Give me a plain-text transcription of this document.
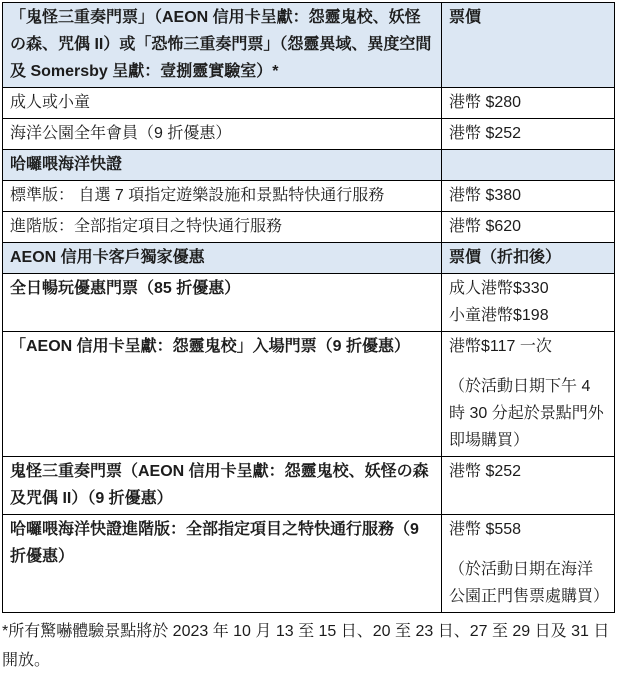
「鬼怪三重奏門票」（AEON 信用卡呈獻：怨靈鬼校、妖怪の森、咒偶 II）或「恐怖三重奏門票」（怨靈異域、異度空間及 Somersby 呈獻：壹捌靈實驗室）*	票價

成人或小童	港幣 $280

海洋公園全年會員（9 折優惠）	港幣 $252

哈囉喂海洋快證	

標準版： 自選 7 項指定遊樂設施和景點特快通行服務	港幣 $380

進階版：全部指定項目之特快通行服務	港幣 $620

AEON 信用卡客戶獨家優惠	票價（折扣後）

全日暢玩優惠門票（85 折優惠）	成人港幣$330
小童港幣$198

「AEON 信用卡呈獻：怨靈鬼校」入場門票（9 折優惠）	港幣$117 一次
（於活動日期下午 4 時 30 分起於景點門外即場購買）

鬼怪三重奏門票（AEON 信用卡呈獻：怨靈鬼校、妖怪の森及咒偶 II）（9 折優惠）	港幣 $252

哈囉喂海洋快證進階版：全部指定項目之特快通行服務（9 折優惠）	港幣 $558
（於活動日期在海洋公園正門售票處購買）

*所有驚嚇體驗景點將於 2023 年 10 月 13 至 15 日、20 至 23 日、27 至 29 日及 31 日開放。
